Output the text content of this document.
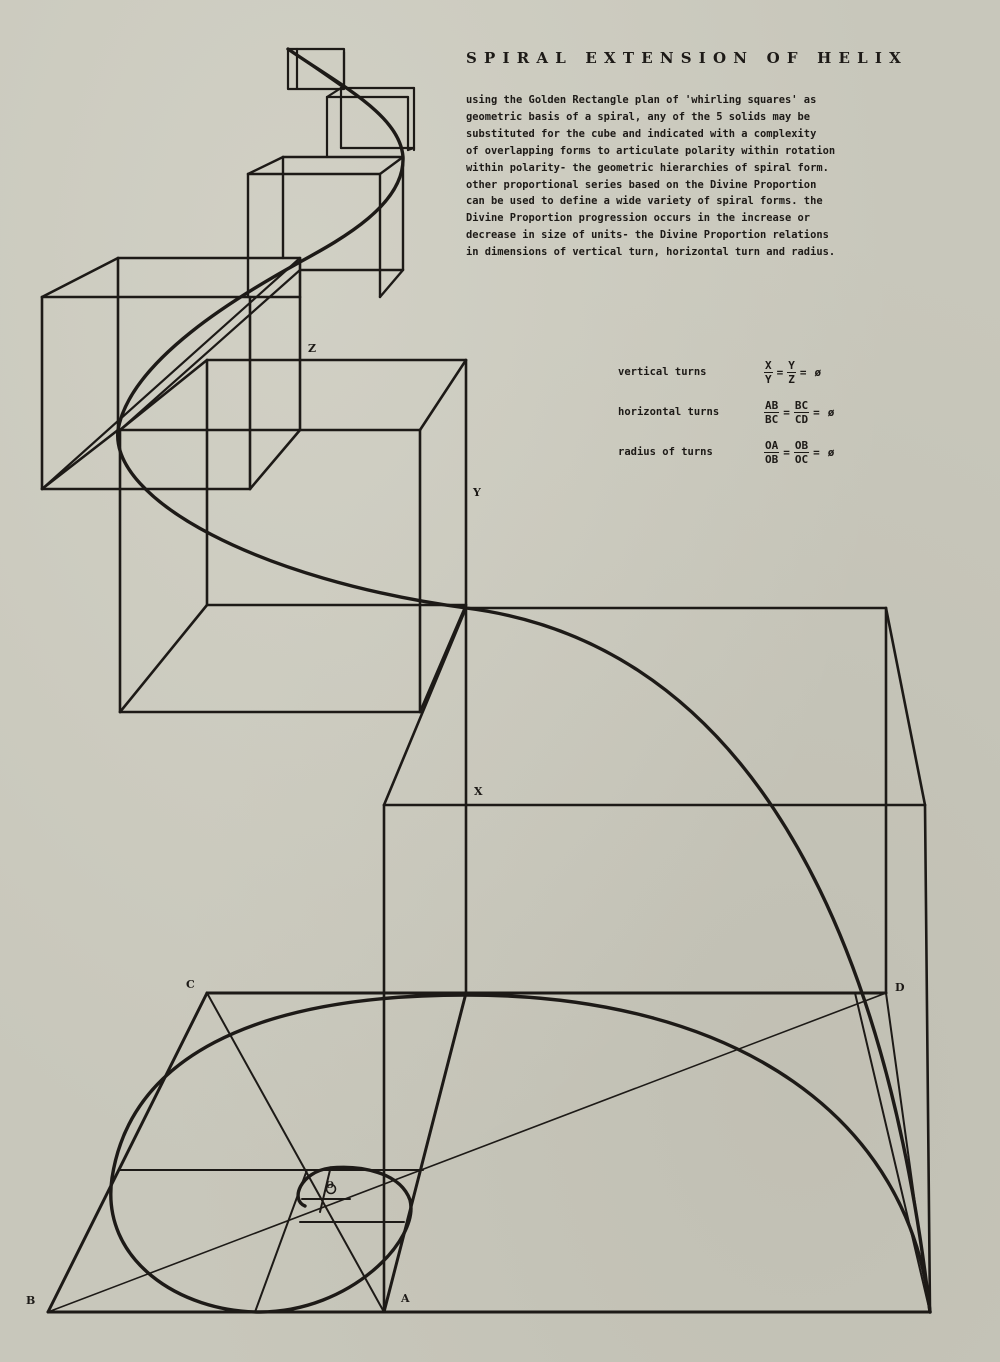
SPIRAL EXTENSION OF HELIX
using the Golden Rectangle plan of 'whirling squares' as
geometric basis of a spiral, any of the 5 solids may be
substituted for the cube and indicated with a complexity
of overlapping forms to articulate polarity within rotation
within polarity- the geometric hierarchies of spiral form.
other proportional series based on the Divine Proportion
can be used to define a wide variety of spiral forms. the
Divine Proportion progression occurs in the increase or
decrease in size of units- the Divine Proportion relations
in dimensions of vertical turn, horizontal turn and radius.
vertical turns	$\frac{X}{Y} = \frac{Y}{Z}$ = ø
horizontal turns	$\frac{AB}{BC} = \frac{BC}{CD}$ = ø
radius of turns	$\frac{OA}{OB} = \frac{OB}{OC}$ = ø
Z
Y
X
C	D
B	A
O
